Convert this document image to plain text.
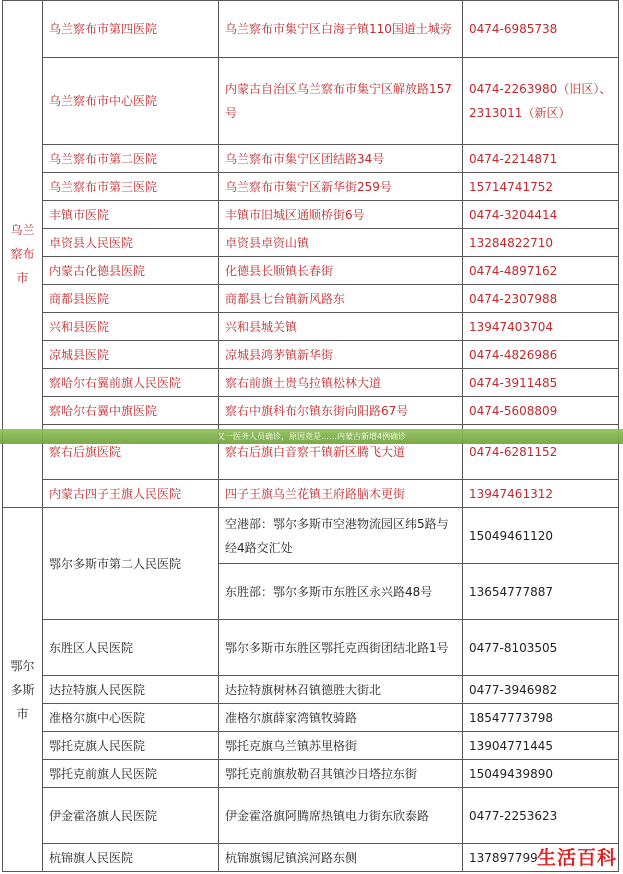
乌兰察布市	乌兰察布市第四医院	乌兰察布市集宁区白海子镇110国道土城旁	0474-6985738
	乌兰察布市中心医院	内蒙古自治区乌兰察布市集宁区解放路157号	0474-2263980（旧区）、2313011（新区）
	乌兰察布市第二医院	乌兰察布市集宁区团结路34号	0474-2214871
	乌兰察布市第三医院	乌兰察布市集宁区新华街259号	15714741752
	丰镇市医院	丰镇市旧城区通顺桥街6号	0474-3204414
	卓资县人民医院	卓资县卓资山镇	13284822710
	内蒙古化德县医院	化德县长顺镇长春街	0474-4897162
	商都县医院	商都县七台镇新风路东	0474-2307988
	兴和县医院	兴和县城关镇	13947403704
	凉城县医院	凉城县鸿茅镇新华街	0474-4826986
	察哈尔右翼前旗人民医院	察右前旗土贵乌拉镇松林大道	0474-3911485
	察哈尔右翼中旗医院	察右中旗科布尔镇东街向阳路67号	0474-5608809
	察右后旗医院	察右后旗白音察干镇新区腾飞大道	0474-6281152
	内蒙古四子王旗人民医院	四子王旗乌兰花镇王府路脑木更街	13947461312
鄂尔多斯市	鄂尔多斯市第二人民医院	空港部：鄂尔多斯市空港物流园区纬5路与经4路交汇处	15049461120
		东胜部：鄂尔多斯市东胜区永兴路48号	13654777887
	东胜区人民医院	鄂尔多斯市东胜区鄂托克西街团结北路1号	0477-8103505
	达拉特旗人民医院	达拉特旗树林召镇德胜大街北	0477-3946982
	准格尔旗中心医院	准格尔旗薛家湾镇牧骑路	18547773798
	鄂托克旗人民医院	鄂托克旗乌兰镇苏里格街	13904771445
	鄂托克前旗人民医院	鄂托克前旗敖勒召其镇沙日塔拉东街	15049439890
	伊金霍洛旗人民医院	伊金霍洛旗阿腾席热镇电力街东欣泰路	0477-2253623
	杭锦旗人民医院	杭锦旗锡尼镇滨河路东侧	137897799
又一医务人员确诊，原因竟是……内蒙古新增4例确诊
生活百科
